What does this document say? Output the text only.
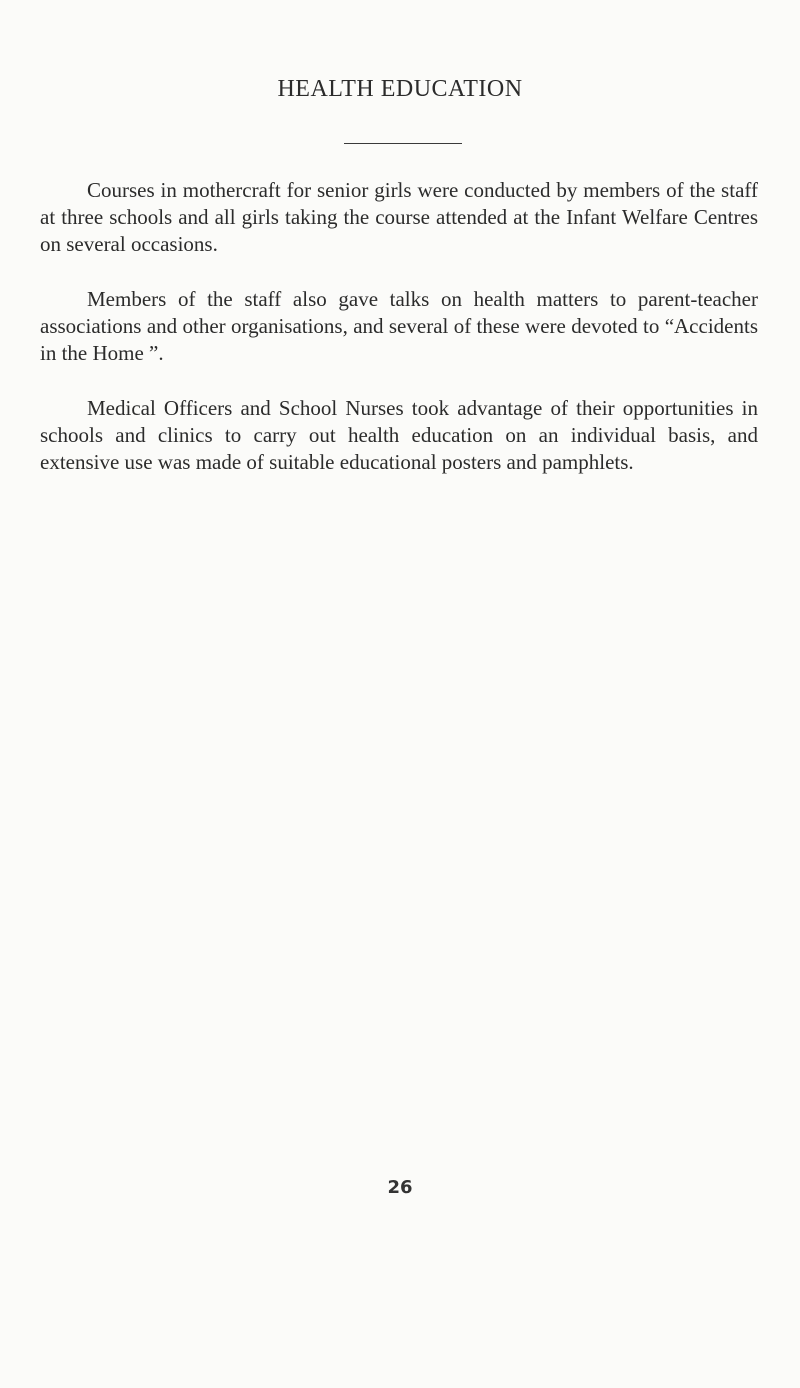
HEALTH EDUCATION

Courses in mothercraft for senior girls were conducted by members of the staff at three schools and all girls taking the course attended at the Infant Welfare Centres on several occasions.

Members of the staff also gave talks on health matters to parent-teacher associations and other organisations, and several of these were devoted to “Accidents in the Home ”.

Medical Officers and School Nurses took advantage of their opportunities in schools and clinics to carry out health education on an individual basis, and extensive use was made of suitable educational posters and pamphlets.

26
